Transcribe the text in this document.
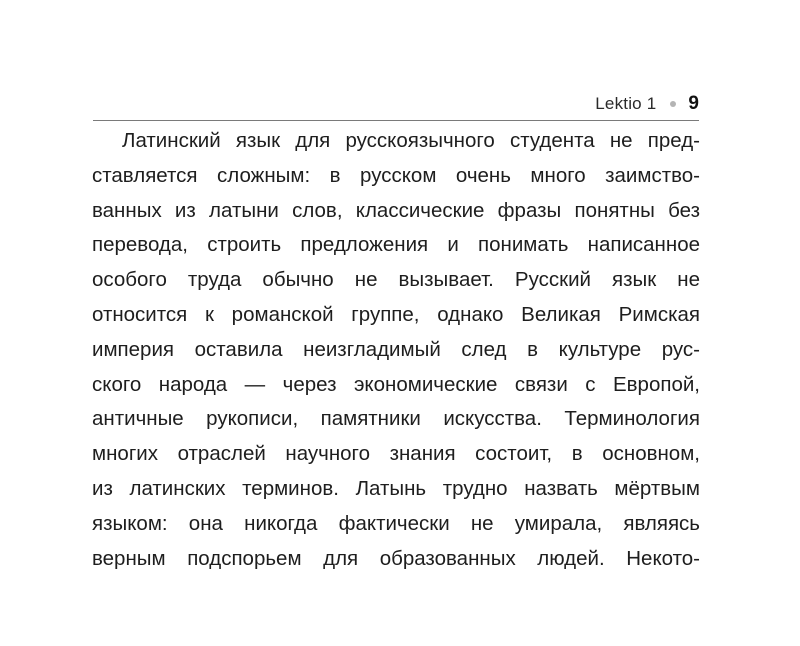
Lektio 1 9
Латинский язык для русскоязычного студента не пред-
ставляется сложным: в русском очень много заимство-
ванных из латыни слов, классические фразы понятны без
перевода, строить предложения и понимать написанное
особого труда обычно не вызывает. Русский язык не
относится к романской группе, однако Великая Римская
империя оставила неизгладимый след в культуре рус-
ского народа — через экономические связи с Европой,
античные рукописи, памятники искусства. Терминология
многих отраслей научного знания состоит, в основном,
из латинских терминов. Латынь трудно назвать мёртвым
языком: она никогда фактически не умирала, являясь
верным подспорьем для образованных людей. Некото-
